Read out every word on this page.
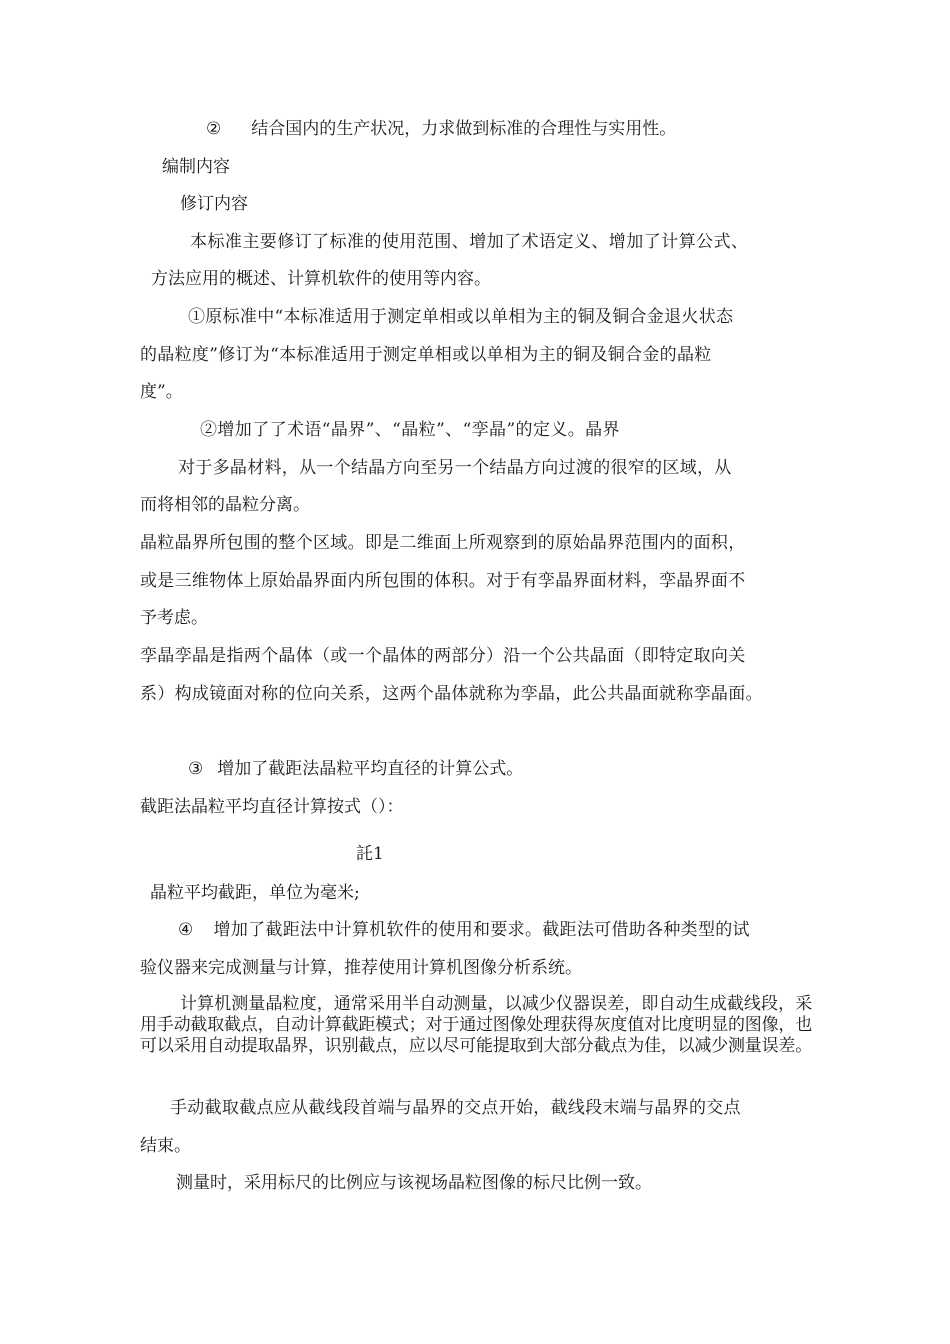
② 结合国内的生产状况，力求做到标准的合理性与实用性。
编制内容
修订内容
本标准主要修订了标准的使用范围、增加了术语定义、增加了计算公式、
方法应用的概述、计算机软件的使用等内容。
①原标准中“本标准适用于测定单相或以单相为主的铜及铜合金退火状态
的晶粒度”修订为“本标准适用于测定单相或以单相为主的铜及铜合金的晶粒
度”。
②增加了了术语“晶界”、“晶粒”、“孪晶”的定义。晶界
对于多晶材料，从一个结晶方向至另一个结晶方向过渡的很窄的区域，从
而将相邻的晶粒分离。
晶粒晶界所包围的整个区域。即是二维面上所观察到的原始晶界范围内的面积，
或是三维物体上原始晶界面内所包围的体积。对于有孪晶界面材料，孪晶界面不
予考虑。
孪晶孪晶是指两个晶体（或一个晶体的两部分）沿一个公共晶面（即特定取向关
系）构成镜面对称的位向关系，这两个晶体就称为孪晶，此公共晶面就称孪晶面。
③ 增加了截距法晶粒平均直径的计算公式。
截距法晶粒平均直径计算按式（）：
託1
晶粒平均截距，单位为毫米;
④ 增加了截距法中计算机软件的使用和要求。截距法可借助各种类型的试
验仪器来完成测量与计算，推荐使用计算机图像分析系统。
计算机测量晶粒度，通常采用半自动测量，以减少仪器误差，即自动生成截线段，采用手动截取截点，自动计算截距模式；对于通过图像处理获得灰度值对比度明显的图像，也可以采用自动提取晶界，识别截点，应以尽可能提取到大部分截点为佳，以减少测量误差。
手动截取截点应从截线段首端与晶界的交点开始，截线段末端与晶界的交点
结束。
测量时，采用标尺的比例应与该视场晶粒图像的标尺比例一致。
